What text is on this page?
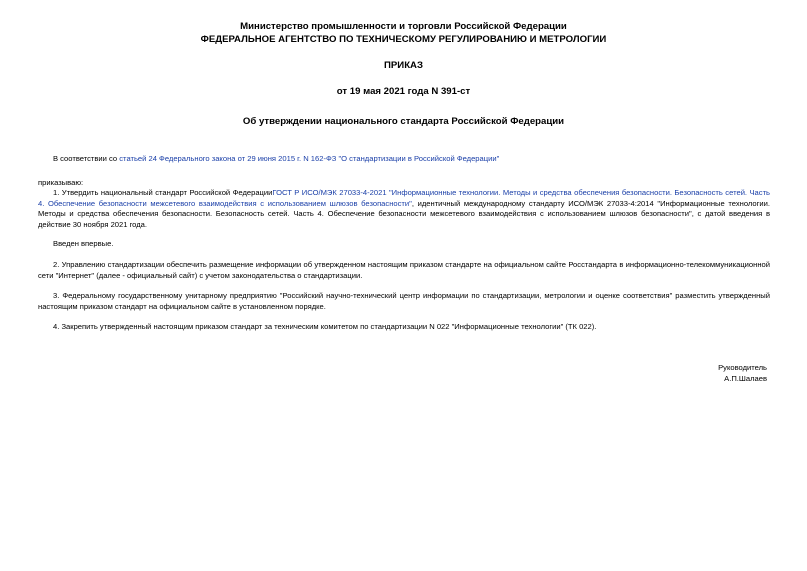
Министерство промышленности и торговли Российской Федерации
ФЕДЕРАЛЬНОЕ АГЕНТСТВО ПО ТЕХНИЧЕСКОМУ РЕГУЛИРОВАНИЮ И МЕТРОЛОГИИ
ПРИКАЗ
от 19 мая 2021 года N 391-ст
Об утверждении национального стандарта Российской Федерации

В соответствии со статьей 24 Федерального закона от 29 июня 2015 г. N 162-ФЗ "О стандартизации в Российской Федерации"

приказываю:

1. Утвердить национальный стандарт Российской ФедерацииГОСТ Р ИСО/МЭК 27033-4-2021 "Информационные технологии. Методы и средства обеспечения безопасности. Безопасность сетей. Часть 4. Обеспечение безопасности межсетевого взаимодействия с использованием шлюзов безопасности", идентичный международному стандарту ИСО/МЭК 27033-4:2014 "Информационные технологии. Методы и средства обеспечения безопасности. Безопасность сетей. Часть 4. Обеспечение безопасности межсетевого взаимодействия с использованием шлюзов безопасности", с датой введения в действие 30 ноября 2021 года.

Введен впервые.

2. Управлению стандартизации обеспечить размещение информации об утвержденном настоящим приказом стандарте на официальном сайте Росстандарта в информационно-телекоммуникационной сети "Интернет" (далее - официальный сайт) с учетом законодательства о стандартизации.

3. Федеральному государственному унитарному предприятию "Российский научно-технический центр информации по стандартизации, метрологии и оценке соответствия" разместить утвержденный настоящим приказом стандарт на официальном сайте в установленном порядке.

4. Закрепить утвержденный настоящим приказом стандарт за техническим комитетом по стандартизации N 022 "Информационные технологии" (ТК 022).

Руководитель
А.П.Шалаев
